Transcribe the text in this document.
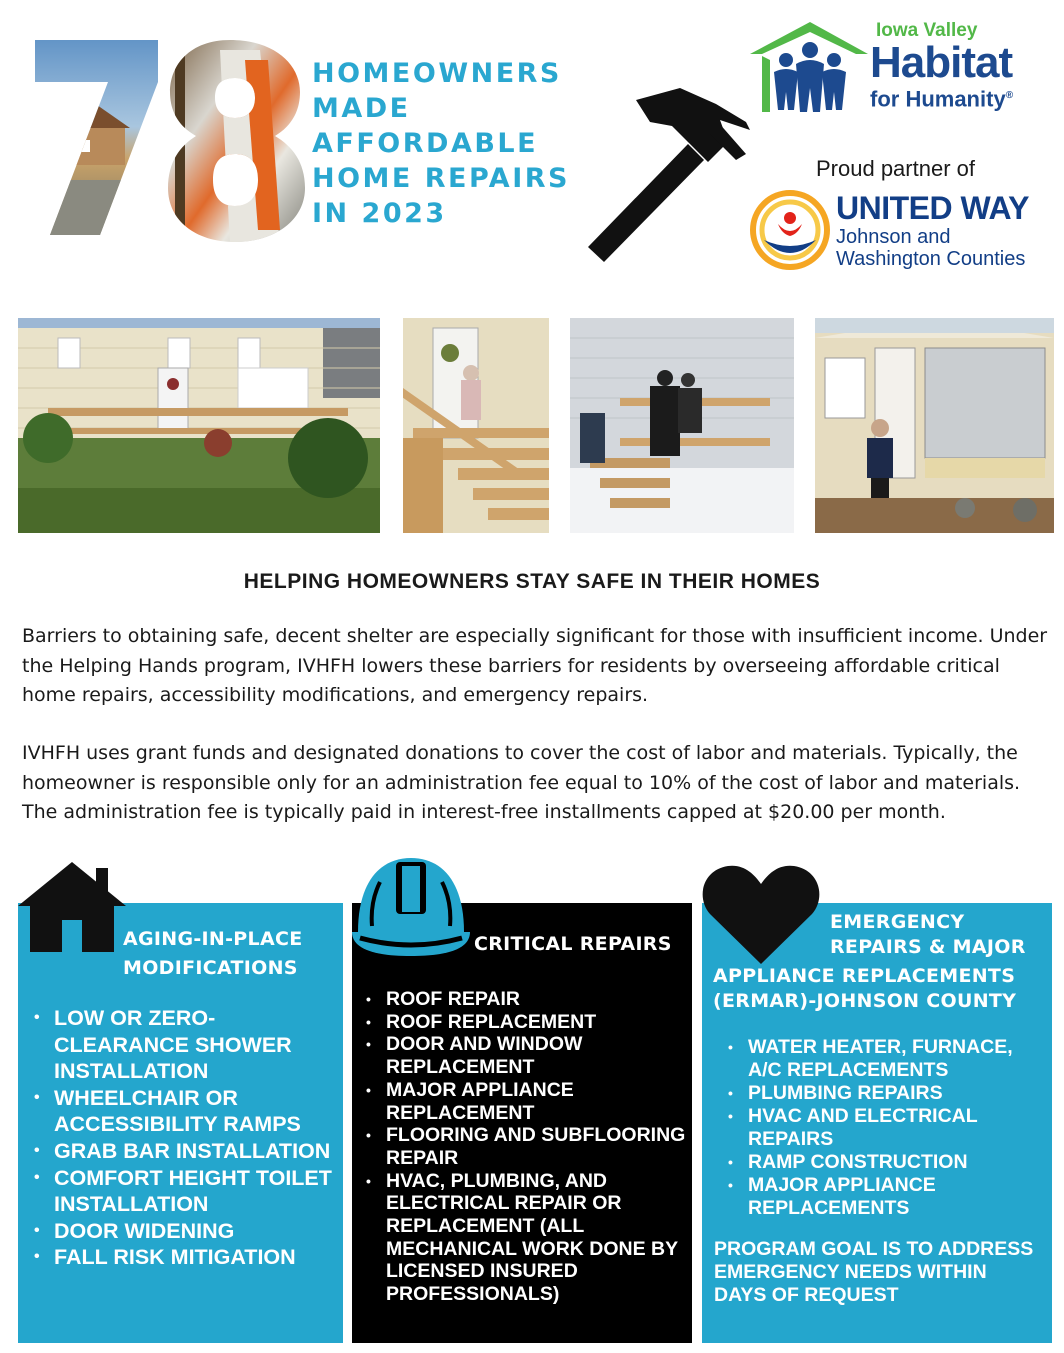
HOMEOWNERS
MADE
AFFORDABLE
HOME REPAIRS
IN 2023
Iowa Valley
Habitat
for Humanity®
Proud partner of
UNITED WAY
Johnson and
Washington Counties
HELPING HOMEOWNERS STAY SAFE IN THEIR HOMES
Barriers to obtaining safe, decent shelter are especially significant for those with insufficient income. Under the Helping Hands program, IVHFH lowers these barriers for residents by overseeing affordable critical home repairs, accessibility modifications, and emergency repairs.
IVHFH uses grant funds and designated donations to cover the cost of labor and materials. Typically, the homeowner is responsible only for an administration fee equal to 10% of the cost of labor and materials. The administration fee is typically paid in interest-free installments capped at $20.00 per month.
AGING-IN-PLACE
MODIFICATIONS
• LOW OR ZERO-CLEARANCE SHOWER INSTALLATION
• WHEELCHAIR OR ACCESSIBILITY RAMPS
• GRAB BAR INSTALLATION
• COMFORT HEIGHT TOILET INSTALLATION
• DOOR WIDENING
• FALL RISK MITIGATION
CRITICAL REPAIRS
• ROOF REPAIR
• ROOF REPLACEMENT
• DOOR AND WINDOW REPLACEMENT
• MAJOR APPLIANCE REPLACEMENT
• FLOORING AND SUBFLOORING REPAIR
• HVAC, PLUMBING, AND ELECTRICAL REPAIR OR REPLACEMENT (ALL MECHANICAL WORK DONE BY LICENSED INSURED PROFESSIONALS)
EMERGENCY
REPAIRS & MAJOR
APPLIANCE REPLACEMENTS
(ERMAR)-JOHNSON COUNTY
• WATER HEATER, FURNACE, A/C REPLACEMENTS
• PLUMBING REPAIRS
• HVAC AND ELECTRICAL REPAIRS
• RAMP CONSTRUCTION
• MAJOR APPLIANCE REPLACEMENTS
PROGRAM GOAL IS TO ADDRESS EMERGENCY NEEDS WITHIN DAYS OF REQUEST
